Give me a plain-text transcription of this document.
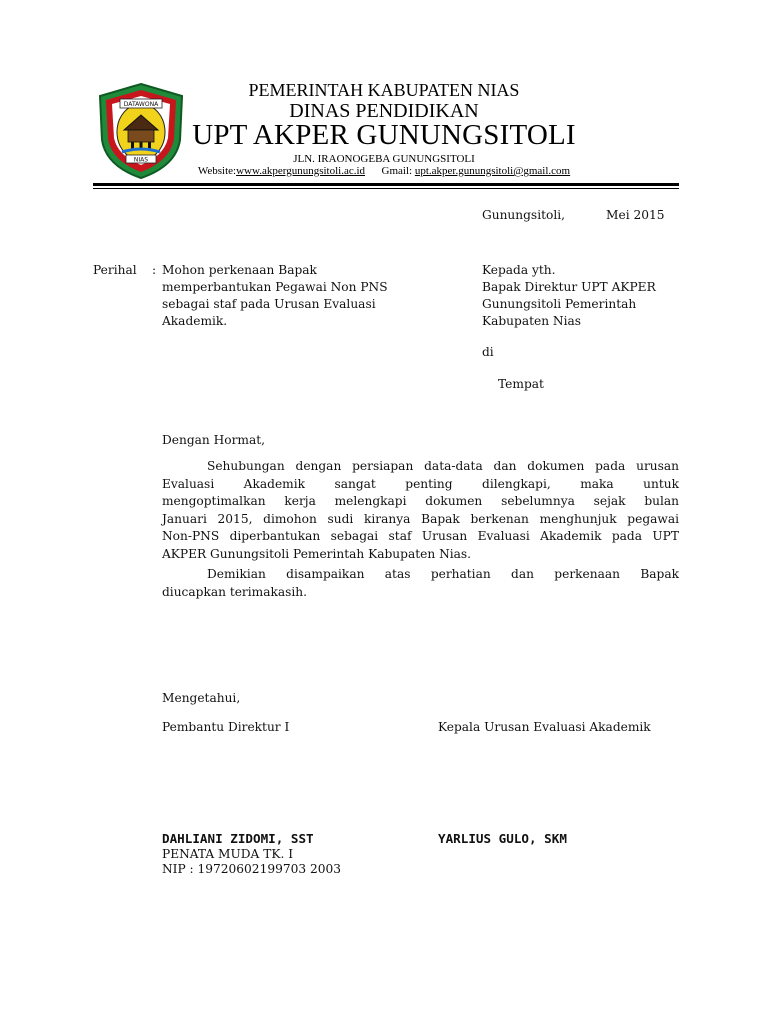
DATAWONA
NIAS
PEMERINTAH KABUPATEN NIAS
DINAS PENDIDIKAN
UPT AKPER GUNUNGSITOLI
JLN. IRAONOGEBA GUNUNGSITOLI
Website:www.akpergunungsitoli.ac.id Gmail: upt.akper.gunungsitoli@gmail.com
Gunungsitoli,	Mei 2015
Perihal : Mohon perkenaan Bapak
memperbantukan Pegawai Non PNS
sebagai staf pada Urusan Evaluasi
Akademik.
Kepada yth.
Bapak Direktur UPT AKPER
Gunungsitoli Pemerintah
Kabupaten Nias
di
Tempat
Dengan Hormat,
Sehubungan dengan persiapan data-data dan dokumen pada urusan
Evaluasi Akademik sangat penting dilengkapi, maka untuk
mengoptimalkan kerja melengkapi dokumen sebelumnya sejak bulan
Januari 2015, dimohon sudi kiranya Bapak berkenan menghunjuk pegawai
Non-PNS diperbantukan sebagai staf Urusan Evaluasi Akademik pada UPT
AKPER Gunungsitoli Pemerintah Kabupaten Nias.
Demikian disampaikan atas perhatian dan perkenaan Bapak
diucapkan terimakasih.
Mengetahui,
Pembantu Direktur I	Kepala Urusan Evaluasi Akademik
DAHLIANI ZIDOMI, SST
PENATA MUDA TK. I
NIP : 19720602199703 2003
YARLIUS GULO, SKM
